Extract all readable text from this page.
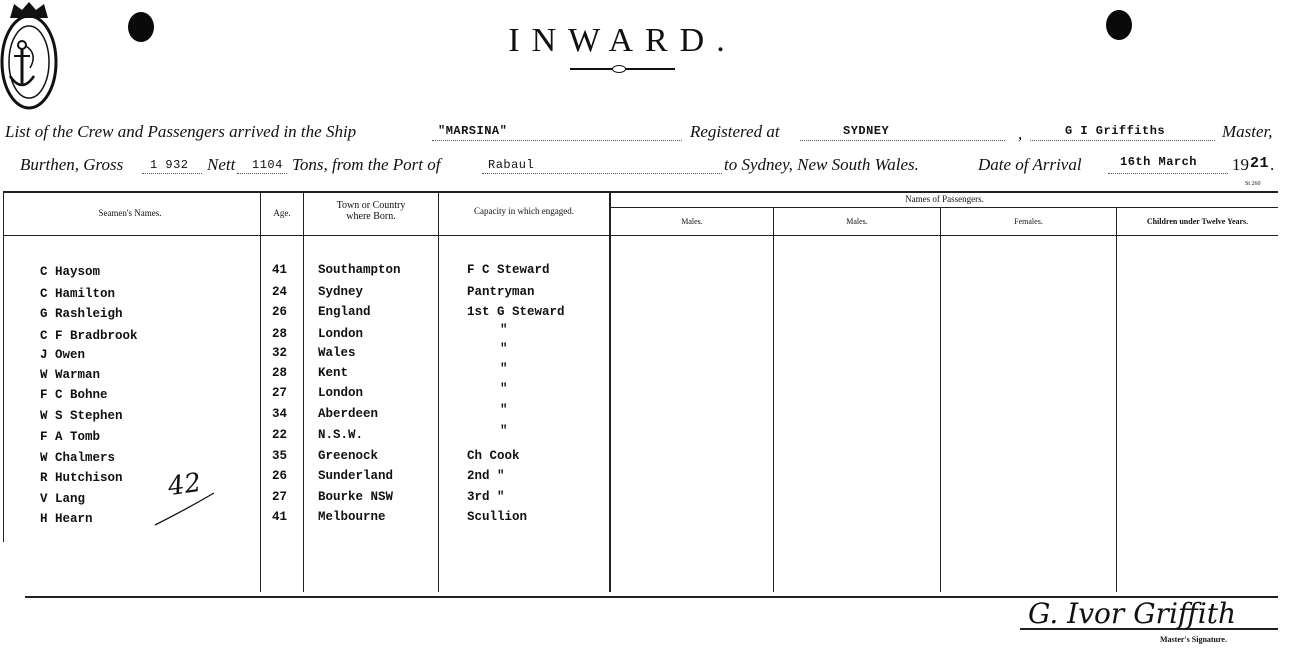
INWARD.
List of the Crew and Passengers arrived in the Ship	"MARSINA"	Registered at	SYDNEY	,	G I Griffiths	Master,
Burthen, Gross 1 932 Nett 1104 Tons, from the Port of	Rabaul	to Sydney, New South Wales.	Date of Arrival	16th March 19 21 .
St 260
Seamen's Names.	Age.
Town or Country
where Born.	Capacity in which engaged.
Names of Passengers.
Males.	Males.	Females.	Children under Twelve Years.
C Haysom	41 Southampton	F C Steward
C Hamilton	24 Sydney	Pantryman
G Rashleigh	26 England	1st G Steward
C F Bradbrook	28 London	"
J Owen	32 Wales	"
W Warman	28 Kent	"
F C Bohne	27 London	"
W S Stephen	34 Aberdeen	"
F A Tomb	22 N.S.W.	"
W Chalmers	35 Greenock	Ch Cook
R Hutchison	26 Sunderland	2nd "
V Lang	27 Bourke NSW	3rd "
H Hearn	41 Melbourne	Scullion
42
G. Ivor Griffith
Master's Signature.
